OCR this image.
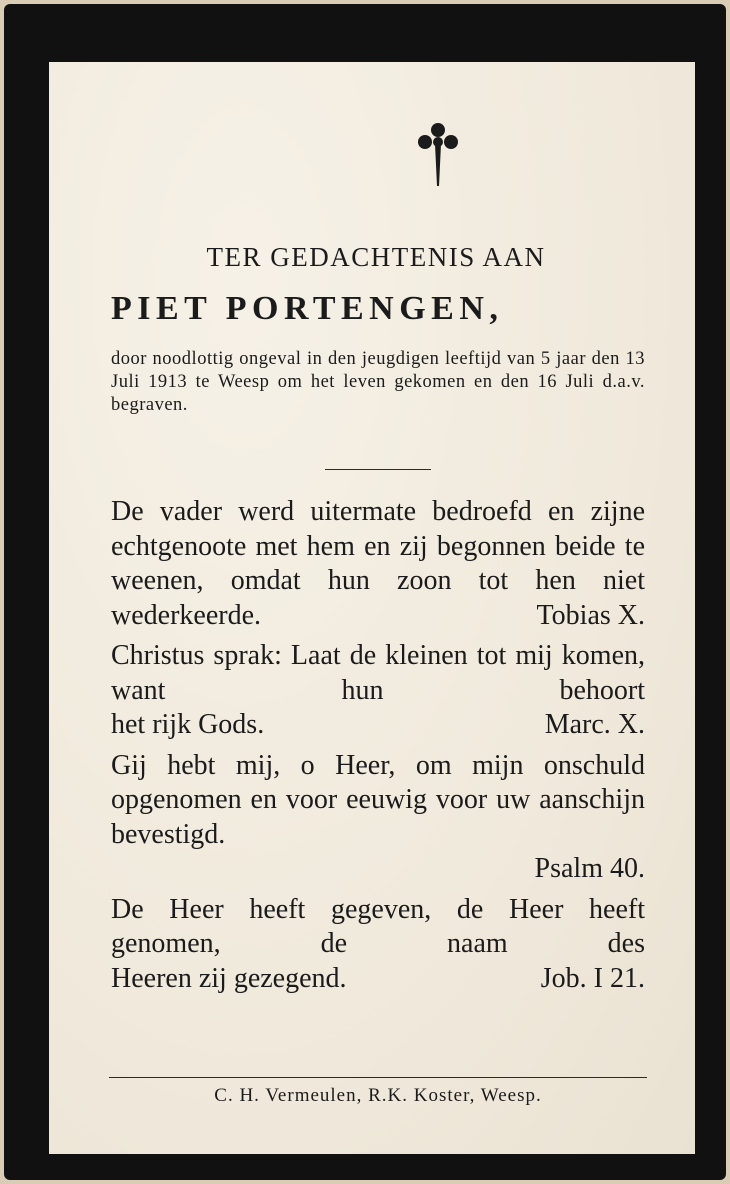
TER GEDACHTENIS AAN
PIET PORTENGEN,
door noodlottig ongeval in den jeugdigen leeftijd van 5 jaar den 13 Juli 1913 te Weesp om het leven gekomen en den 16 Juli d.a.v. begraven.
De vader werd uitermate bedroefd en zijne echtgenoote met hem en zij begonnen beide te weenen, omdat hun zoon tot hen niet
wederkeerde.	Tobias X.
Christus sprak: Laat de kleinen tot mij komen, want hun behoort
het rijk Gods.	Marc. X.
Gij hebt mij, o Heer, om mijn onschuld opgenomen en voor eeuwig voor uw aanschijn bevestigd.
Psalm 40.
De Heer heeft gegeven, de Heer heeft genomen, de naam des
Heeren zij gezegend.	Job. I 21.
C. H. Vermeulen, R.K. Koster, Weesp.
